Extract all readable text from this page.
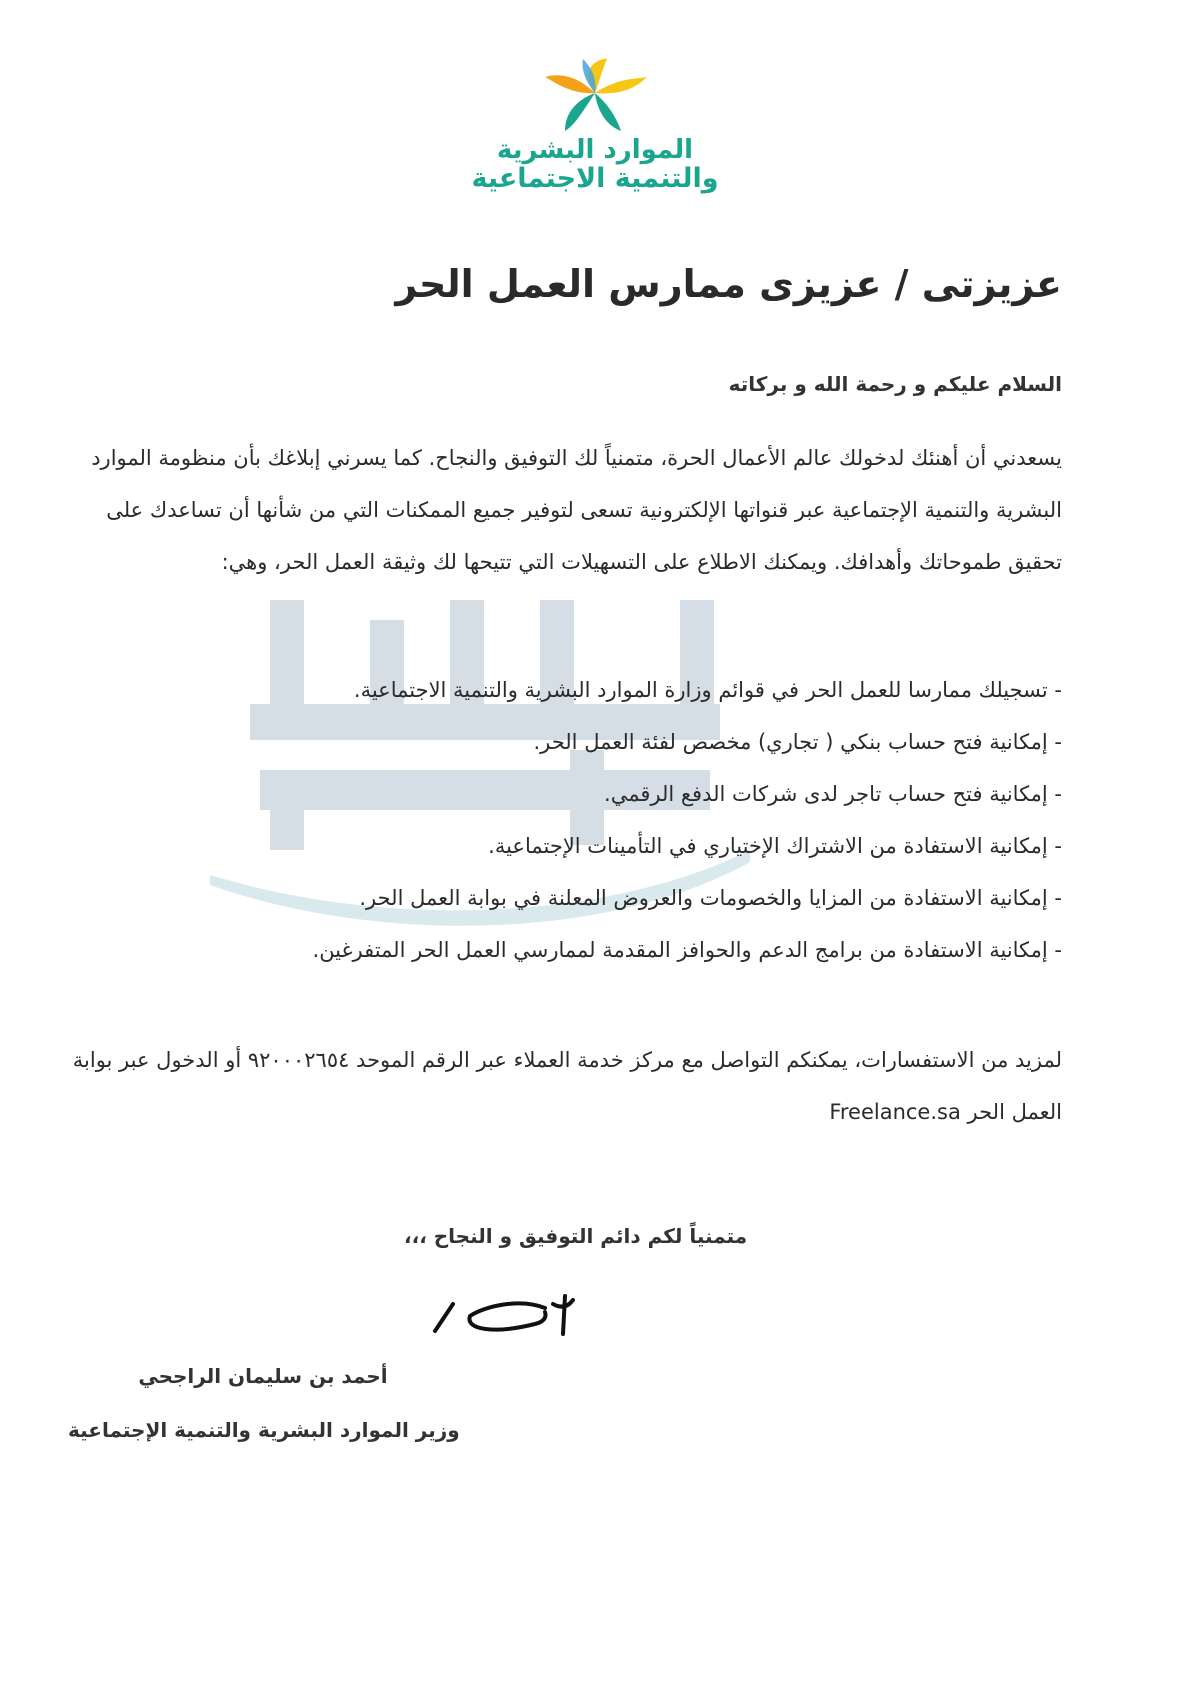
الموارد البشرية
والتنمية الاجتماعية
عزيزتى / عزيزى ممارس العمل الحر
السلام عليكم و رحمة الله و بركاته
يسعدني أن أهنئك لدخولك عالم الأعمال الحرة، متمنياً لك التوفيق والنجاح. كما يسرني إبلاغك بأن منظومة الموارد البشرية والتنمية الإجتماعية عبر قنواتها الإلكترونية تسعى لتوفير جميع الممكنات التي من شأنها أن تساعدك على تحقيق طموحاتك وأهدافك. ويمكنك الاطلاع على التسهيلات التي تتيحها لك وثيقة العمل الحر، وهي:
- تسجيلك ممارسا للعمل الحر في قوائم وزارة الموارد البشرية والتنمية الاجتماعية.
- إمكانية فتح حساب بنكي ( تجاري) مخصص لفئة العمل الحر.
- إمكانية فتح حساب تاجر لدى شركات الدفع الرقمي.
- إمكانية الاستفادة من الاشتراك الإختياري في التأمينات الإجتماعية.
- إمكانية الاستفادة من المزايا والخصومات والعروض المعلنة في بوابة العمل الحر.
- إمكانية الاستفادة من برامج الدعم والحوافز المقدمة لممارسي العمل الحر المتفرغين.
لمزيد من الاستفسارات، يمكنكم التواصل مع مركز خدمة العملاء عبر الرقم الموحد ٩٢٠٠٠٢٦٥٤ أو الدخول عبر بوابة العمل الحر Freelance.sa
متمنياً لكم دائم التوفيق و النجاح ،،،
أحمد بن سليمان الراجحي
وزير الموارد البشرية والتنمية الإجتماعية
